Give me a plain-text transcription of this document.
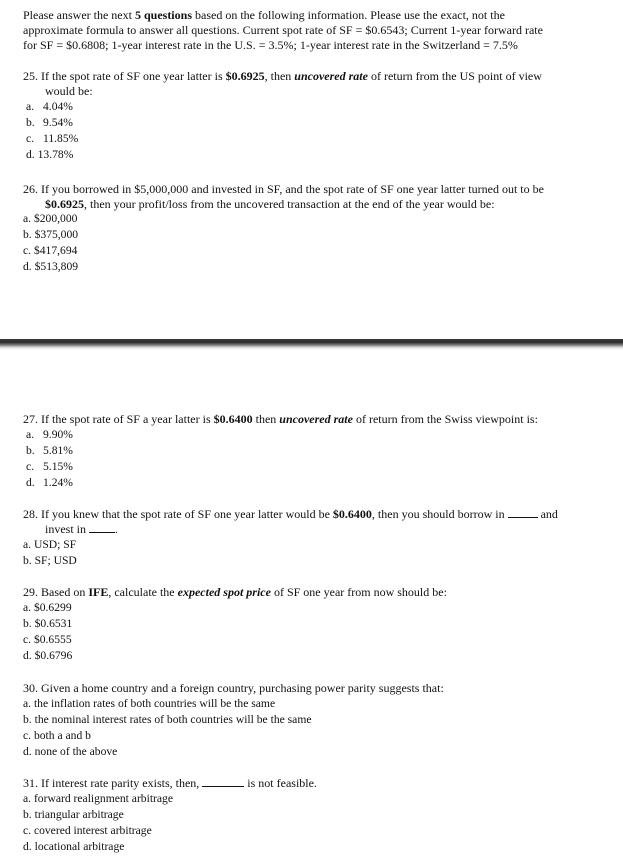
Please answer the next 5 questions based on the following information. Please use the exact, not the
approximate formula to answer all questions. Current spot rate of SF = $0.6543; Current 1-year forward rate
for SF = $0.6808; 1-year interest rate in the U.S. = 3.5%; 1-year interest rate in the Switzerland = 7.5%
25. If the spot rate of SF one year latter is $0.6925, then uncovered rate of return from the US point of view
would be:
a. 4.04%
b. 9.54%
c. 11.85%
d. 13.78%
26. If you borrowed in $5,000,000 and invested in SF, and the spot rate of SF one year latter turned out to be
$0.6925, then your profit/loss from the uncovered transaction at the end of the year would be:
a. $200,000
b. $375,000
c. $417,694
d. $513,809
27. If the spot rate of SF a year latter is $0.6400 then uncovered rate of return from the Swiss viewpoint is:
a. 9.90%
b. 5.81%
c. 5.15%
d. 1.24%
28. If you knew that the spot rate of SF one year latter would be $0.6400, then you should borrow in	and
invest in .
a. USD; SF
b. SF; USD
29. Based on IFE, calculate the expected spot price of SF one year from now should be:
a. $0.6299
b. $0.6531
c. $0.6555
d. $0.6796
30. Given a home country and a foreign country, purchasing power parity suggests that:
a. the inflation rates of both countries will be the same
b. the nominal interest rates of both countries will be the same
c. both a and b
d. none of the above
31. If interest rate parity exists, then,	is not feasible.
a. forward realignment arbitrage
b. triangular arbitrage
c. covered interest arbitrage
d. locational arbitrage
